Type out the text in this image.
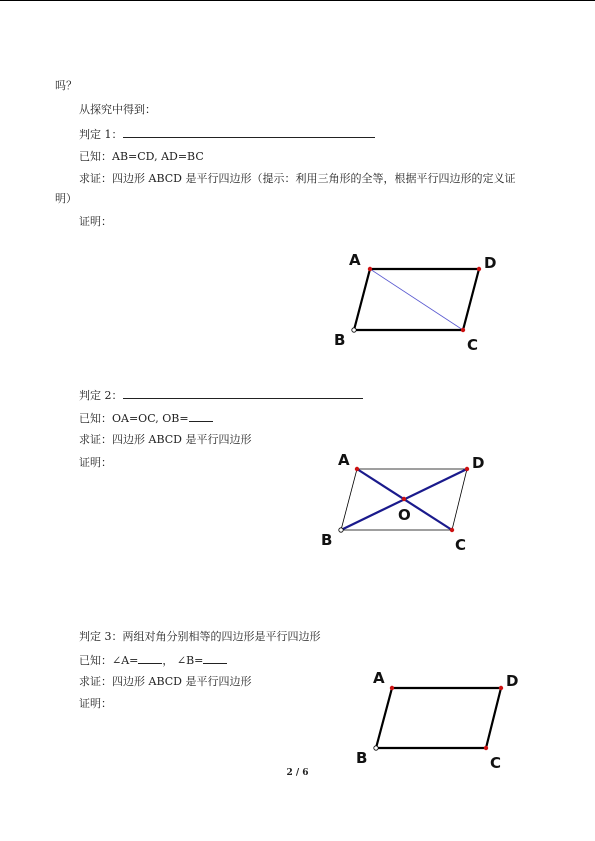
吗？
从探究中得到：
判定 1：
已知：AB=CD, AD=BC
求证：四边形 ABCD 是平行四边形（提示：利用三角形的全等，根据平行四边形的定义证
明）
证明：
A	D
B	C
判定 2：
已知：OA=OC, OB=
求证：四边形 ABCD 是平行四边形
证明：	A	D
O
B	C
判定 3：两组对角分别相等的四边形是平行四边形
已知：∠A= ， ∠B=
求证：四边形 ABCD 是平行四边形
证明：
A	D
B	C
2 / 6
